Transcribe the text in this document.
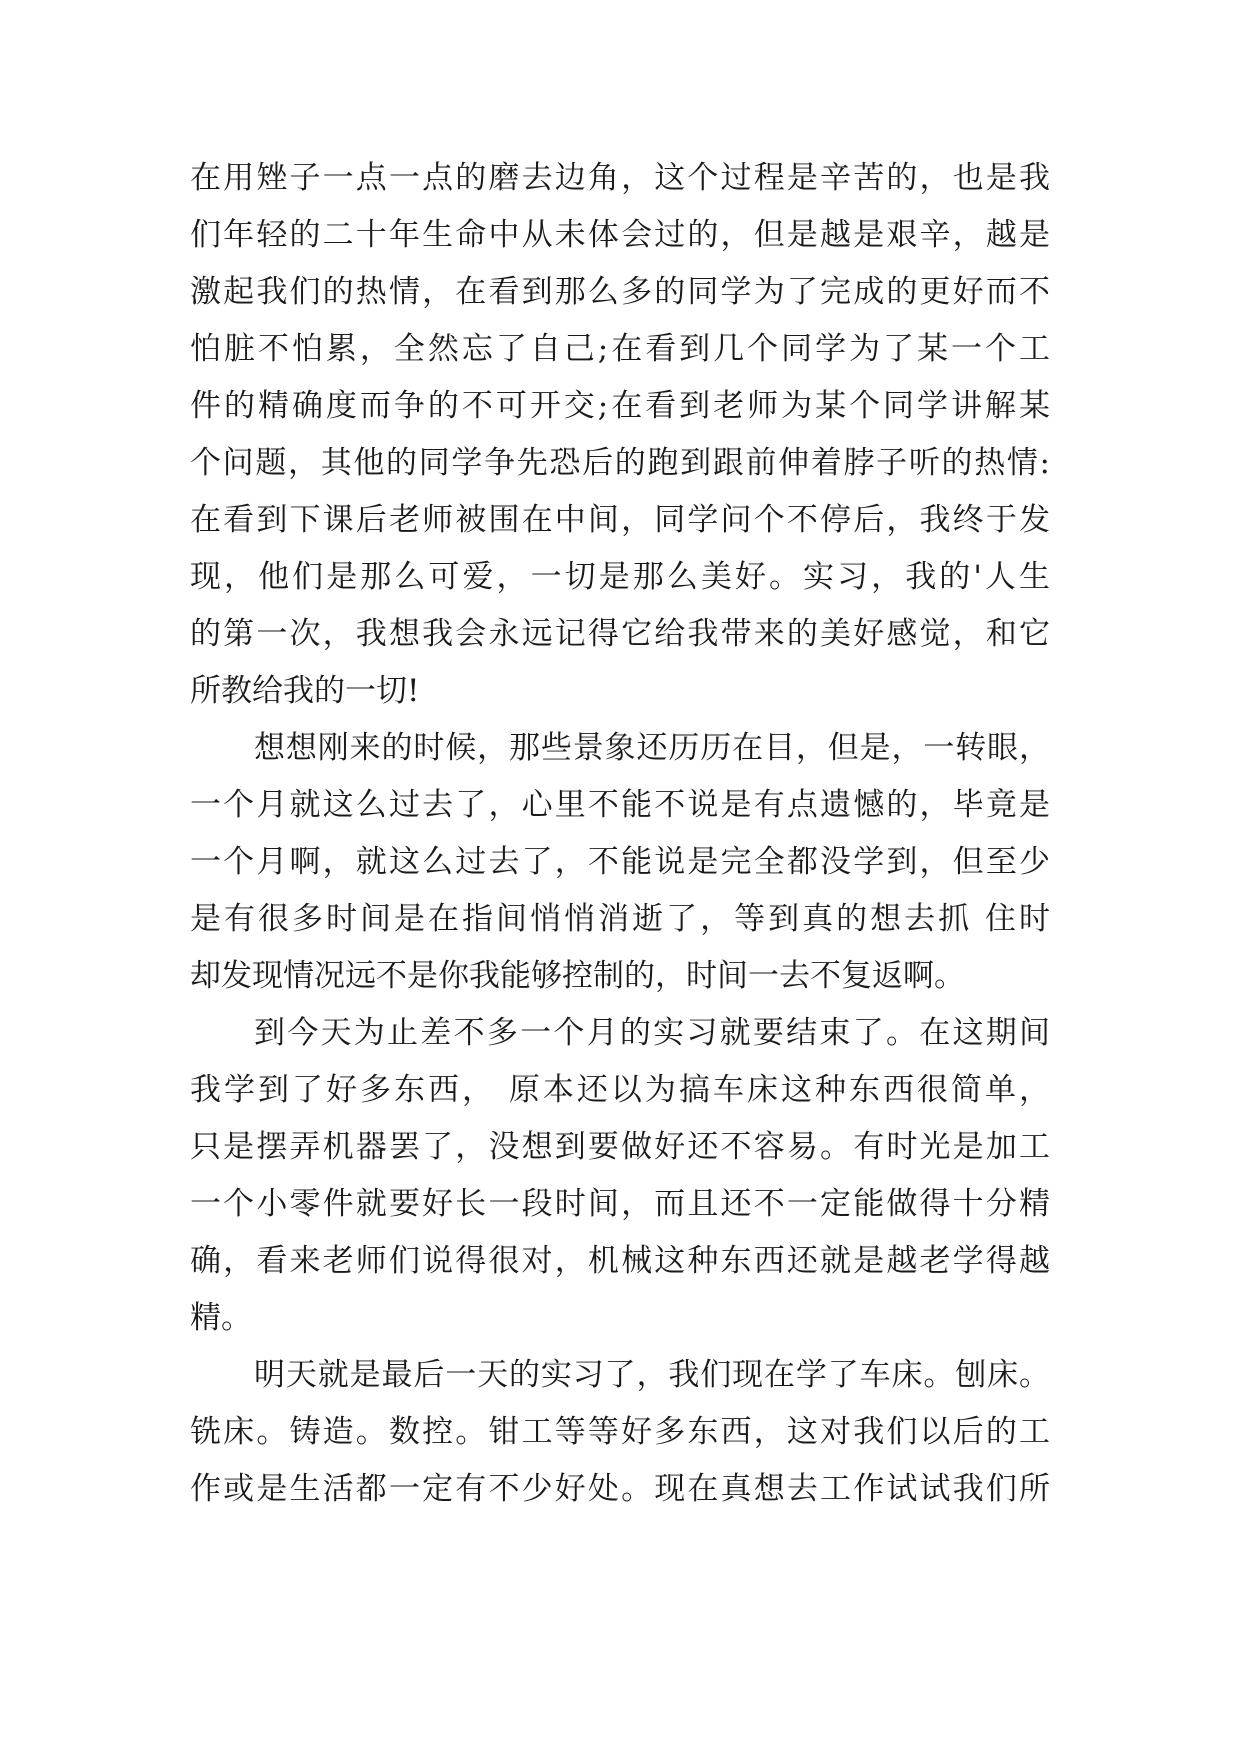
在用矬子一点一点的磨去边角，这个过程是辛苦的，也是我
们年轻的二十年生命中从未体会过的，但是越是艰辛，越是
激起我们的热情，在看到那么多的同学为了完成的更好而不
怕脏不怕累，全然忘了自己;在看到几个同学为了某一个工
件的精确度而争的不可开交;在看到老师为某个同学讲解某
个问题，其他的同学争先恐后的跑到跟前伸着脖子听的热情:
在看到下课后老师被围在中间，同学问个不停后，我终于发
现，他们是那么可爱，一切是那么美好。实习，我的'人生
的第一次，我想我会永远记得它给我带来的美好感觉，和它
所教给我的一切!
想想刚来的时候，那些景象还历历在目，但是，一转眼，
一个月就这么过去了，心里不能不说是有点遗憾的，毕竟是
一个月啊，就这么过去了，不能说是完全都没学到，但至少
是有很多时间是在指间悄悄消逝了，等到真的想去抓 住时
却发现情况远不是你我能够控制的，时间一去不复返啊。
到今天为止差不多一个月的实习就要结束了。在这期间
我学到了好多东西， 原本还以为搞车床这种东西很简单，
只是摆弄机器罢了，没想到要做好还不容易。有时光是加工
一个小零件就要好长一段时间，而且还不一定能做得十分精
确，看来老师们说得很对，机械这种东西还就是越老学得越
精。
明天就是最后一天的实习了，我们现在学了车床。刨床。
铣床。铸造。数控。钳工等等好多东西，这对我们以后的工
作或是生活都一定有不少好处。现在真想去工作试试我们所
